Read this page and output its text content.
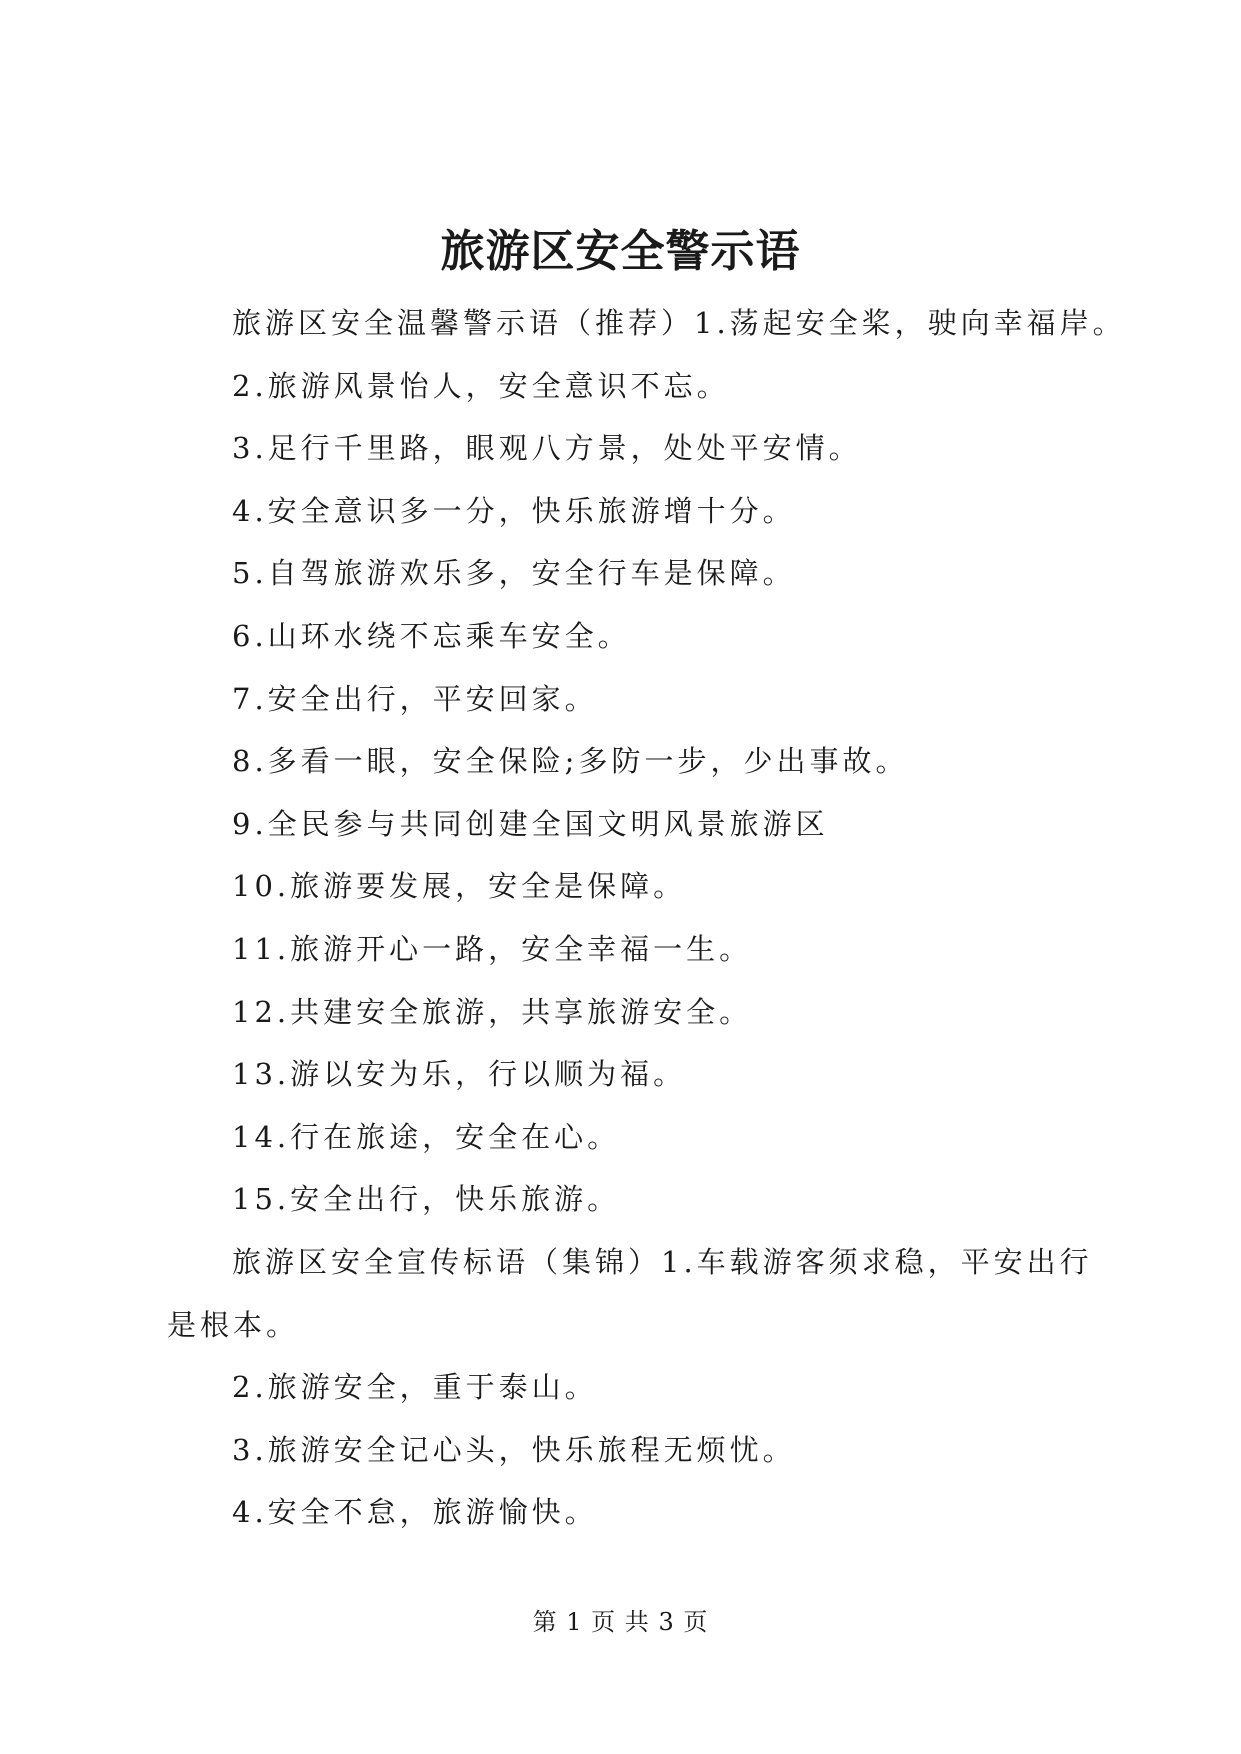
旅游区安全警示语

旅游区安全温馨警示语（推荐）1.荡起安全桨，驶向幸福岸。

2.旅游风景怡人，安全意识不忘。

3.足行千里路，眼观八方景，处处平安情。

4.安全意识多一分，快乐旅游增十分。

5.自驾旅游欢乐多，安全行车是保障。

6.山环水绕不忘乘车安全。

7.安全出行，平安回家。

8.多看一眼，安全保险;多防一步，少出事故。

9.全民参与共同创建全国文明风景旅游区

10.旅游要发展，安全是保障。

11.旅游开心一路，安全幸福一生。

12.共建安全旅游，共享旅游安全。

13.游以安为乐，行以顺为福。

14.行在旅途，安全在心。

15.安全出行，快乐旅游。

旅游区安全宣传标语（集锦）1.车载游客须求稳，平安出行是根本。

2.旅游安全，重于泰山。

3.旅游安全记心头，快乐旅程无烦忧。

4.安全不怠，旅游愉快。

第 1 页 共 3 页
